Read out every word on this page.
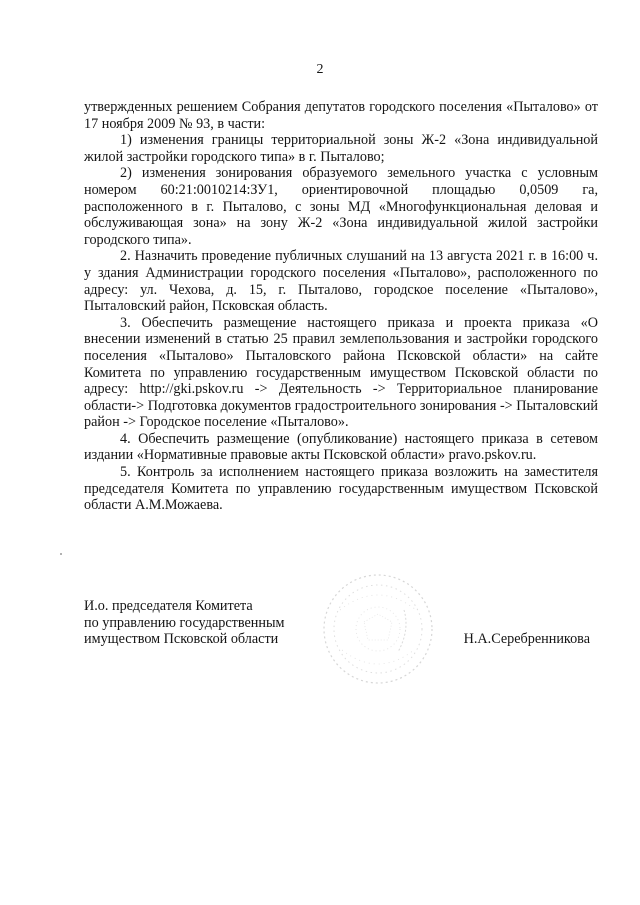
2

утвержденных решением Собрания депутатов городского поселения «Пыталово» от 17 ноября 2009 № 93, в части:

1) изменения границы территориальной зоны Ж-2 «Зона индивидуальной жилой застройки городского типа» в г. Пыталово;

2) изменения зонирования образуемого земельного участка с условным номером 60:21:0010214:ЗУ1, ориентировочной площадью 0,0509 га, расположенного в г. Пыталово, с зоны МД «Многофункциональная деловая и обслуживающая зона» на зону Ж-2 «Зона индивидуальной жилой застройки городского типа».

2. Назначить проведение публичных слушаний на 13 августа 2021 г. в 16:00 ч. у здания Администрации городского поселения «Пыталово», расположенного по адресу: ул. Чехова, д. 15, г. Пыталово, городское поселение «Пыталово», Пыталовский район, Псковская область.

3. Обеспечить размещение настоящего приказа и проекта приказа «О внесении изменений в статью 25 правил землепользования и застройки городского поселения «Пыталово» Пыталовского района Псковской области» на сайте Комитета по управлению государственным имуществом Псковской области по адресу: http://gki.pskov.ru -> Деятельность -> Территориальное планирование области-> Подготовка документов градостроительного зонирования -> Пыталовский район -> Городское поселение «Пыталово».

4. Обеспечить размещение (опубликование) настоящего приказа в сетевом издании «Нормативные правовые акты Псковской области» pravo.pskov.ru.

5. Контроль за исполнением настоящего приказа возложить на заместителя председателя Комитета по управлению государственным имуществом Псковской области А.М.Можаева.

И.о. председателя Комитета
по управлению государственным
имуществом Псковской области	Н.А.Серебренникова
